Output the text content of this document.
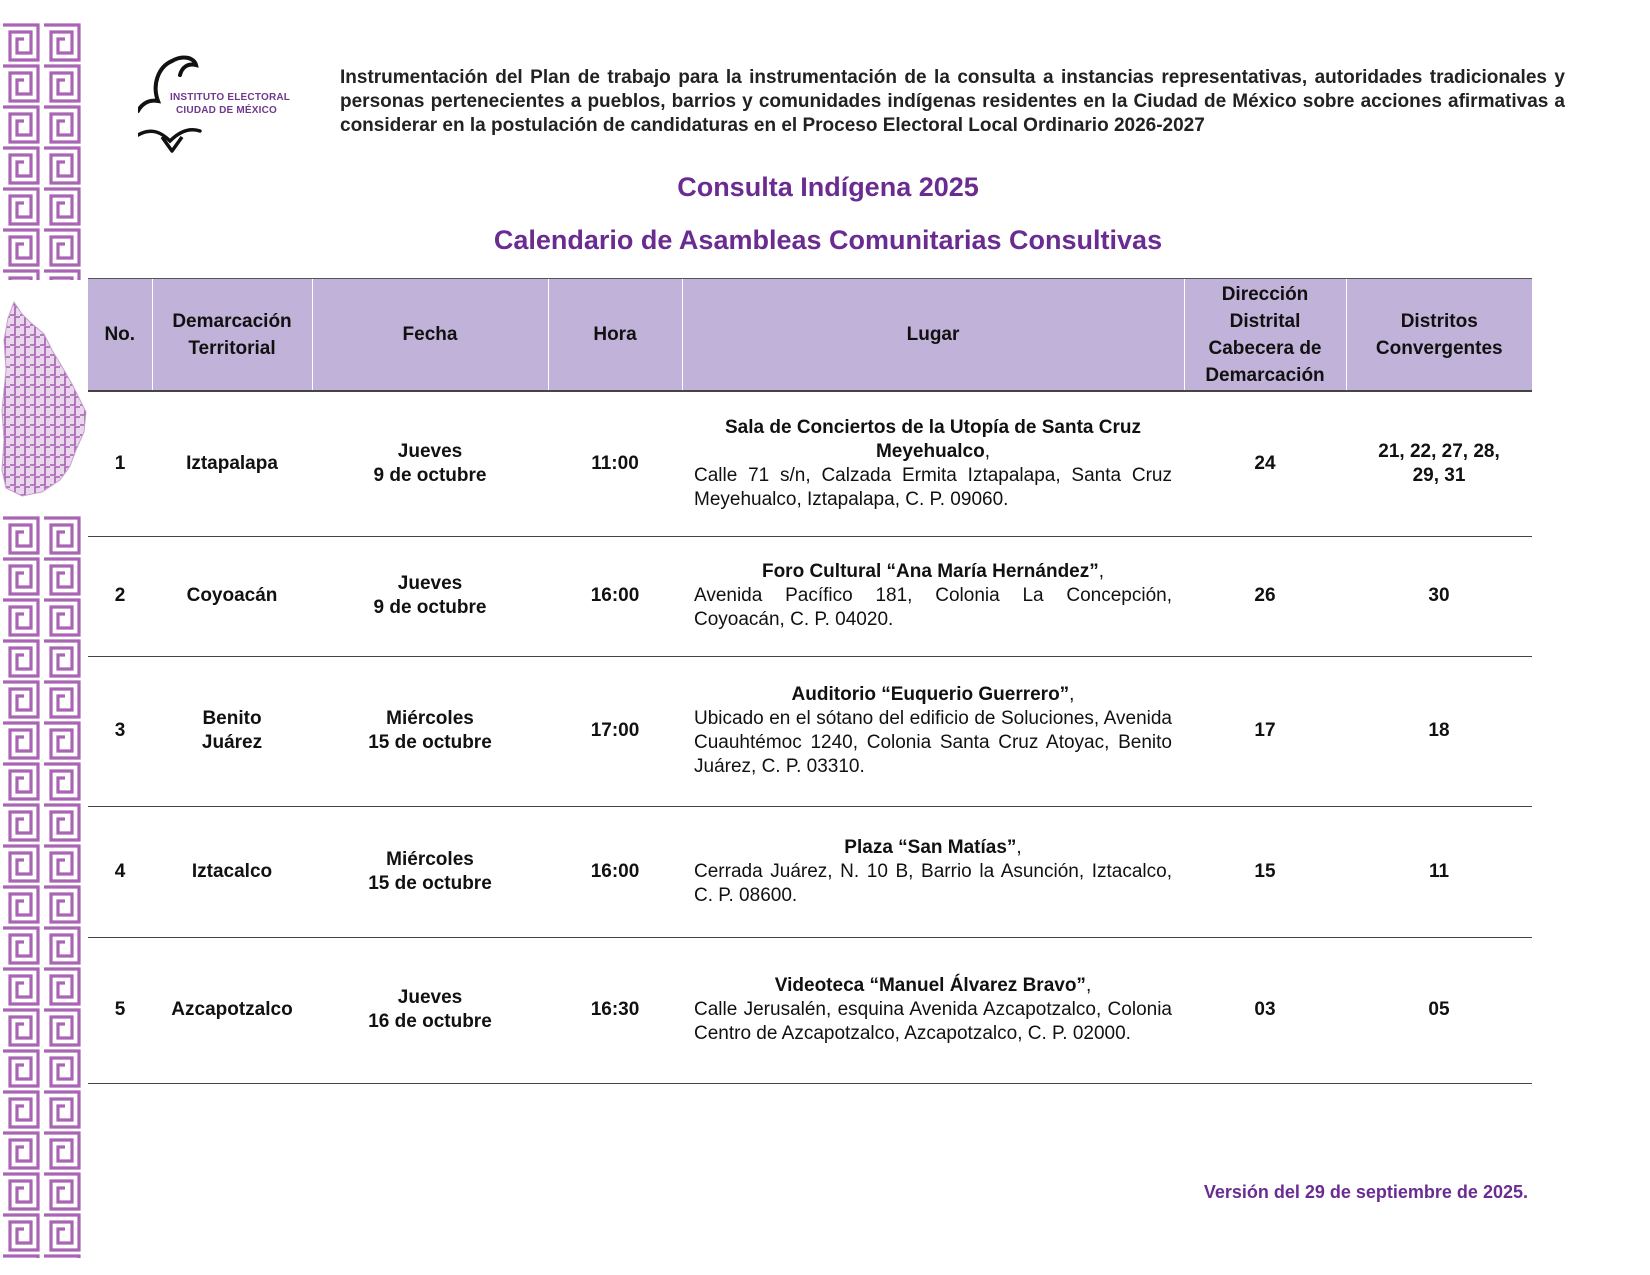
INSTITUTO ELECTORAL
CIUDAD DE MÉXICO
Instrumentación del Plan de trabajo para la instrumentación de la consulta a instancias representativas, autoridades tradicionales y personas pertenecientes a pueblos, barrios y comunidades indígenas residentes en la Ciudad de México sobre acciones afirmativas a considerar en la postulación de candidaturas en el Proceso Electoral Local Ordinario 2026-2027
Consulta Indígena 2025
Calendario de Asambleas Comunitarias Consultivas
No.	Demarcación
Territorial	Fecha	Hora	Lugar	Dirección
Distrital
Cabecera de
Demarcación	Distritos
Convergentes

1	Iztapalapa	Jueves
9 de octubre	11:00	Sala de Conciertos de la Utopía de Santa Cruz Meyehualco,
Calle 71 s/n, Calzada Ermita Iztapalapa, Santa Cruz Meyehualco, Iztapalapa, C. P. 09060.	24	21, 22, 27, 28,
29, 31

2	Coyoacán	Jueves
9 de octubre	16:00	Foro Cultural “Ana María Hernández”,
Avenida Pacífico 181, Colonia La Concepción, Coyoacán, C. P. 04020.	26	30
3	Benito
Juárez	Miércoles
15 de octubre	17:00	Auditorio “Euquerio Guerrero”,
Ubicado en el sótano del edificio de Soluciones, Avenida Cuauhtémoc 1240, Colonia Santa Cruz Atoyac, Benito Juárez, C. P. 03310.	17	18
4	Iztacalco	Miércoles
15 de octubre	16:00	Plaza “San Matías”,
Cerrada Juárez, N. 10 B, Barrio la Asunción, Iztacalco, C. P. 08600.	15	11
5	Azcapotzalco	Jueves
16 de octubre	16:30	Videoteca “Manuel Álvarez Bravo”,
Calle Jerusalén, esquina Avenida Azcapotzalco, Colonia Centro de Azcapotzalco, Azcapotzalco, C. P. 02000.	03	05
Versión del 29 de septiembre de 2025.
